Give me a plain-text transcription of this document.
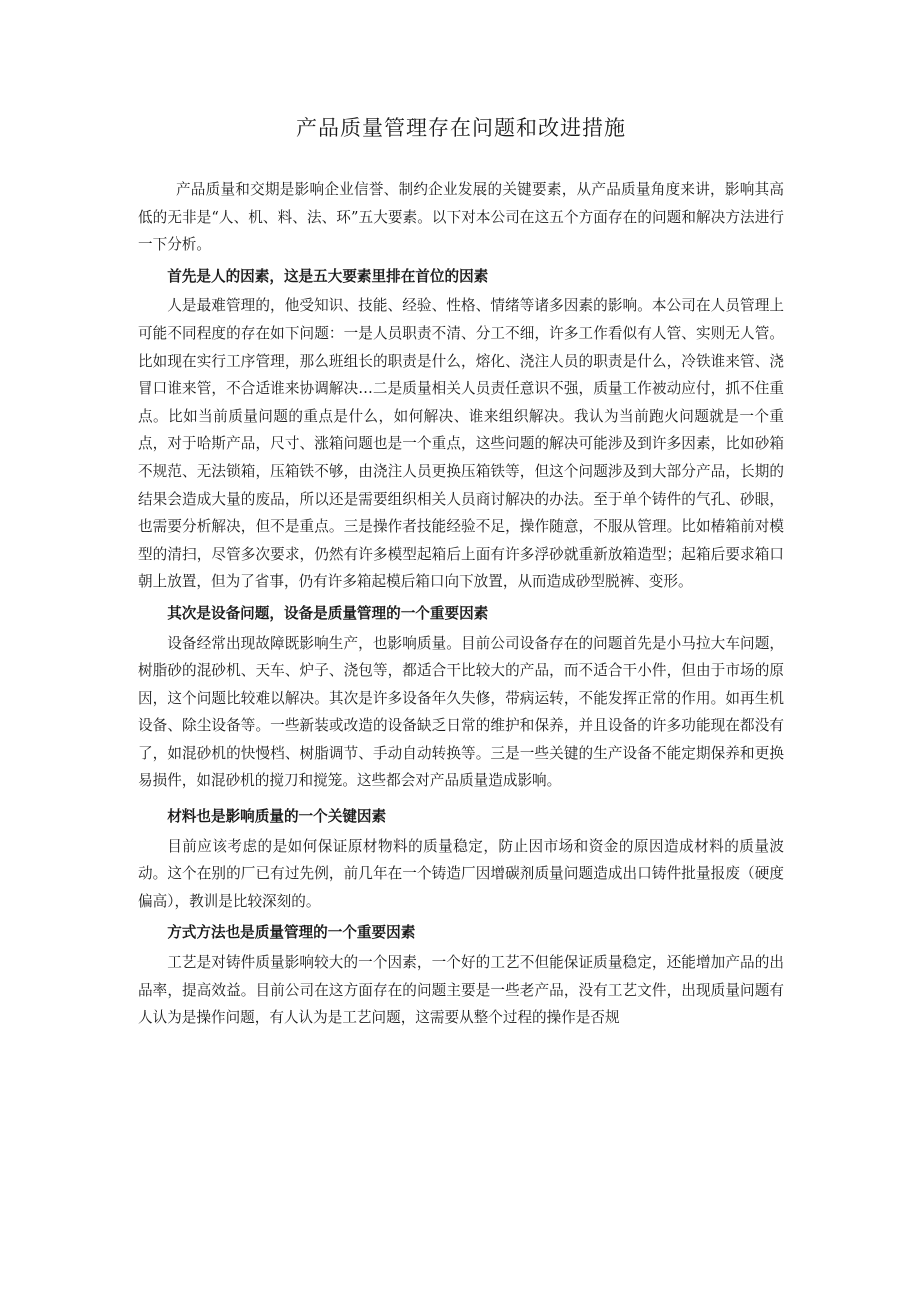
产品质量管理存在问题和改进措施

产品质量和交期是影响企业信誉、制约企业发展的关键要素，从产品质量角度来讲，影响其高低的无非是“人、机、料、法、环”五大要素。以下对本公司在这五个方面存在的问题和解决方法进行一下分析。

首先是人的因素，这是五大要素里排在首位的因素

人是最难管理的，他受知识、技能、经验、性格、情绪等诸多因素的影响。本公司在人员管理上可能不同程度的存在如下问题：一是人员职责不清、分工不细，许多工作看似有人管、实则无人管。比如现在实行工序管理，那么班组长的职责是什么，熔化、浇注人员的职责是什么，冷铁谁来管、浇冒口谁来管，不合适谁来协调解决…二是质量相关人员责任意识不强，质量工作被动应付，抓不住重点。比如当前质量问题的重点是什么，如何解决、谁来组织解决。我认为当前跑火问题就是一个重点，对于哈斯产品，尺寸、涨箱问题也是一个重点，这些问题的解决可能涉及到许多因素，比如砂箱不规范、无法锁箱，压箱铁不够，由浇注人员更换压箱铁等，但这个问题涉及到大部分产品，长期的结果会造成大量的废品，所以还是需要组织相关人员商讨解决的办法。至于单个铸件的气孔、砂眼，也需要分析解决，但不是重点。三是操作者技能经验不足，操作随意，不服从管理。比如椿箱前对模型的清扫，尽管多次要求，仍然有许多模型起箱后上面有许多浮砂就重新放箱造型；起箱后要求箱口朝上放置，但为了省事，仍有许多箱起模后箱口向下放置，从而造成砂型脱裤、变形。

其次是设备问题，设备是质量管理的一个重要因素

设备经常出现故障既影响生产，也影响质量。目前公司设备存在的问题首先是小马拉大车问题，树脂砂的混砂机、天车、炉子、浇包等，都适合干比较大的产品，而不适合干小件，但由于市场的原因，这个问题比较难以解决。其次是许多设备年久失修，带病运转，不能发挥正常的作用。如再生机设备、除尘设备等。一些新装或改造的设备缺乏日常的维护和保养，并且设备的许多功能现在都没有了，如混砂机的快慢档、树脂调节、手动自动转换等。三是一些关键的生产设备不能定期保养和更换易损件，如混砂机的搅刀和搅笼。这些都会对产品质量造成影响。

材料也是影响质量的一个关键因素

目前应该考虑的是如何保证原材物料的质量稳定，防止因市场和资金的原因造成材料的质量波动。这个在别的厂已有过先例，前几年在一个铸造厂因增碳剂质量问题造成出口铸件批量报废（硬度偏高），教训是比较深刻的。

方式方法也是质量管理的一个重要因素

工艺是对铸件质量影响较大的一个因素，一个好的工艺不但能保证质量稳定，还能增加产品的出品率，提高效益。目前公司在这方面存在的问题主要是一些老产品，没有工艺文件，出现质量问题有人认为是操作问题，有人认为是工艺问题，这需要从整个过程的操作是否规
